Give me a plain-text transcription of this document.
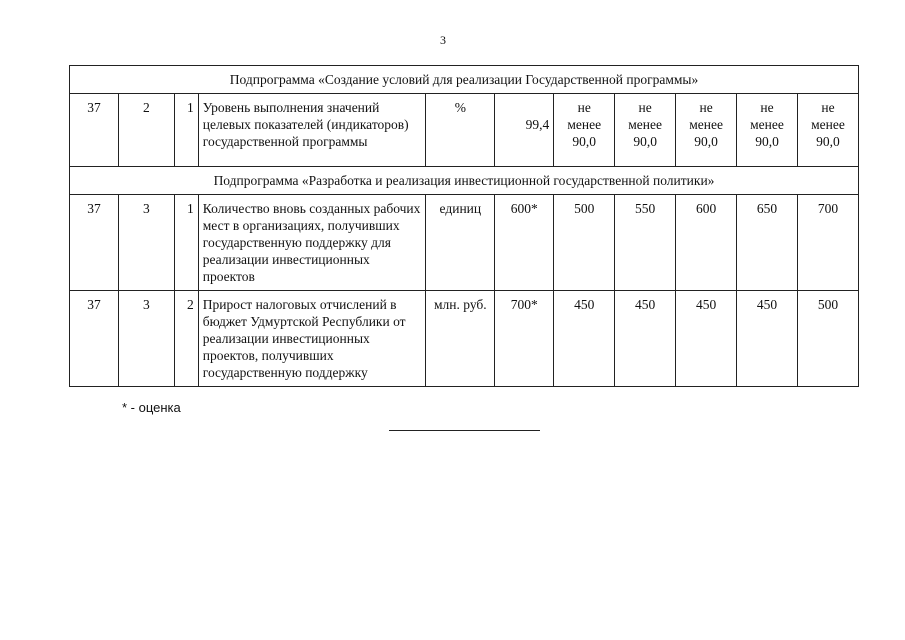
3
Подпрограмма «Создание условий для реализации Государственной программы»										
37	2	1	Уровень выполнения значений целевых показателей (индикаторов) государственной программы	%	99,4	не
менее
90,0	не
менее
90,0	не
менее
90,0	не
менее
90,0	не
менее
90,0
Подпрограмма «Разработка и реализация инвестиционной государственной политики»										
37	3	1	Количество вновь созданных рабочих мест в организациях, получивших государственную поддержку для реализации инвестиционных проектов	единиц	600*	500	550	600	650	700
37	3	2	Прирост налоговых отчислений в бюджет Удмуртской Республики от реализации инвестиционных проектов, получивших государственную поддержку	млн. руб.	700*	450	450	450	450	500
* - оценка
